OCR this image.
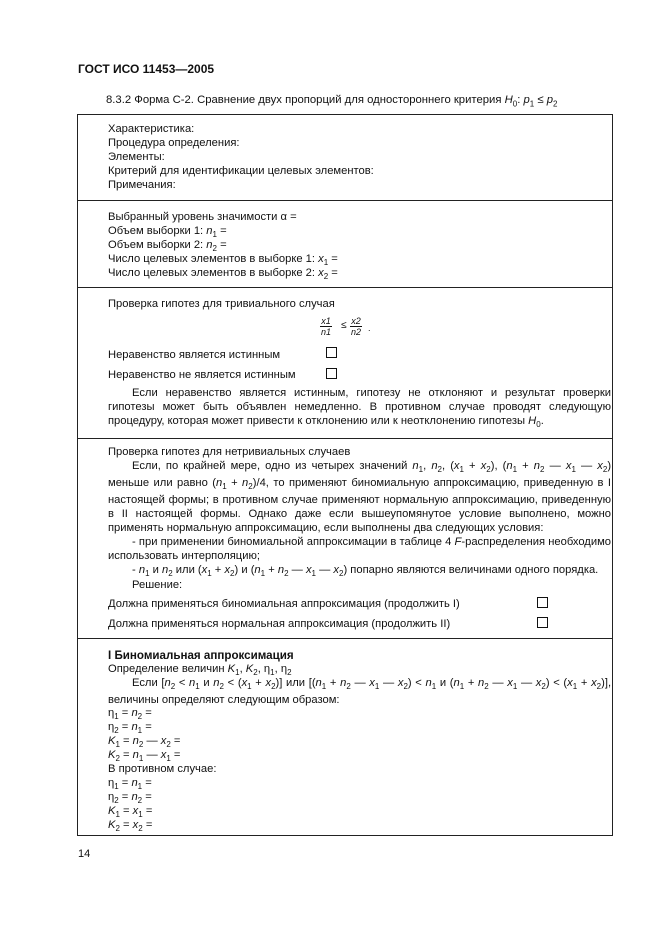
ГОСТ ИСО 11453—2005
8.3.2 Форма С-2. Сравнение двух пропорций для одностороннего критерия $H_0$: $p_1 \le p_2$
Характеристика:
Процедура определения:
Элементы:
Критерий для идентификации целевых элементов:
Примечания:
Выбранный уровень значимости α =
Объем выборки 1: $n_1$ =
Объем выборки 2: $n_2$ =
Число целевых элементов в выборке 1: $x_1$ =
Число целевых элементов в выборке 2: $x_2$ =
Проверка гипотез для тривиального случая
$\frac{x1}{n1} \le \frac{x2}{n2}$ .
Неравенство является истинным
Неравенство не является истинным

Если неравенство является истинным, гипотезу не отклоняют и результат проверки гипотезы может быть объявлен немедленно. В противном случае проводят следующую процедуру, которая может привести к отклонению или к неотклонению гипотезы $H_0$.

Проверка гипотез для нетривиальных случаев

Если, по крайней мере, одно из четырех значений $n_1$, $n_2$, $(x_1 + x_2)$, ($n_1 + n_2$ — $x_1$ — $x_2$) меньше или равно $(n_1 + n_2)/4$, то применяют биномиальную аппроксимацию, приведенную в I настоящей формы; в противном случае применяют нормальную аппроксимацию, приведенную в II настоящей формы. Однако даже если вышеупомянутое условие выполнено, можно применять нормальную аппроксимацию, если выполнены два следующих условия:

- при применении биномиальной аппроксимации в таблице 4 F-распределения необходимо использовать интерполяцию;

- $n_1$ и $n_2$ или $(x_1 + x_2)$ и ($n_1 + n_2$ — $x_1$ — $x_2$) попарно являются величинами одного порядка.

Решение:
Должна применяться биномиальная аппроксимация (продолжить I)
Должна применяться нормальная аппроксимация (продолжить II)
I Биномиальная аппроксимация
Определение величин $K_1$, $K_2$, $\eta_1$, $\eta_2$

Если [$n_2 < n_1$ и $n_2 < (x_1 + x_2)$] или [($n_1 + n_2$ — $x_1$ — $x_2) < n_1$ и ($n_1 + n_2$ — $x_1$ — $x_2) < (x_1 + x_2)$], величины определяют следующим образом:

$\eta_1 = n_2$ =
$\eta_2 = n_1$ =
$K_1 = n_2$ — $x_2$ =
$K_2 = n_1$ — $x_1$ =
В противном случае:
$\eta_1 = n_1$ =
$\eta_2 = n_2$ =
$K_1 = x_1$ =
$K_2 = x_2$ =
14
